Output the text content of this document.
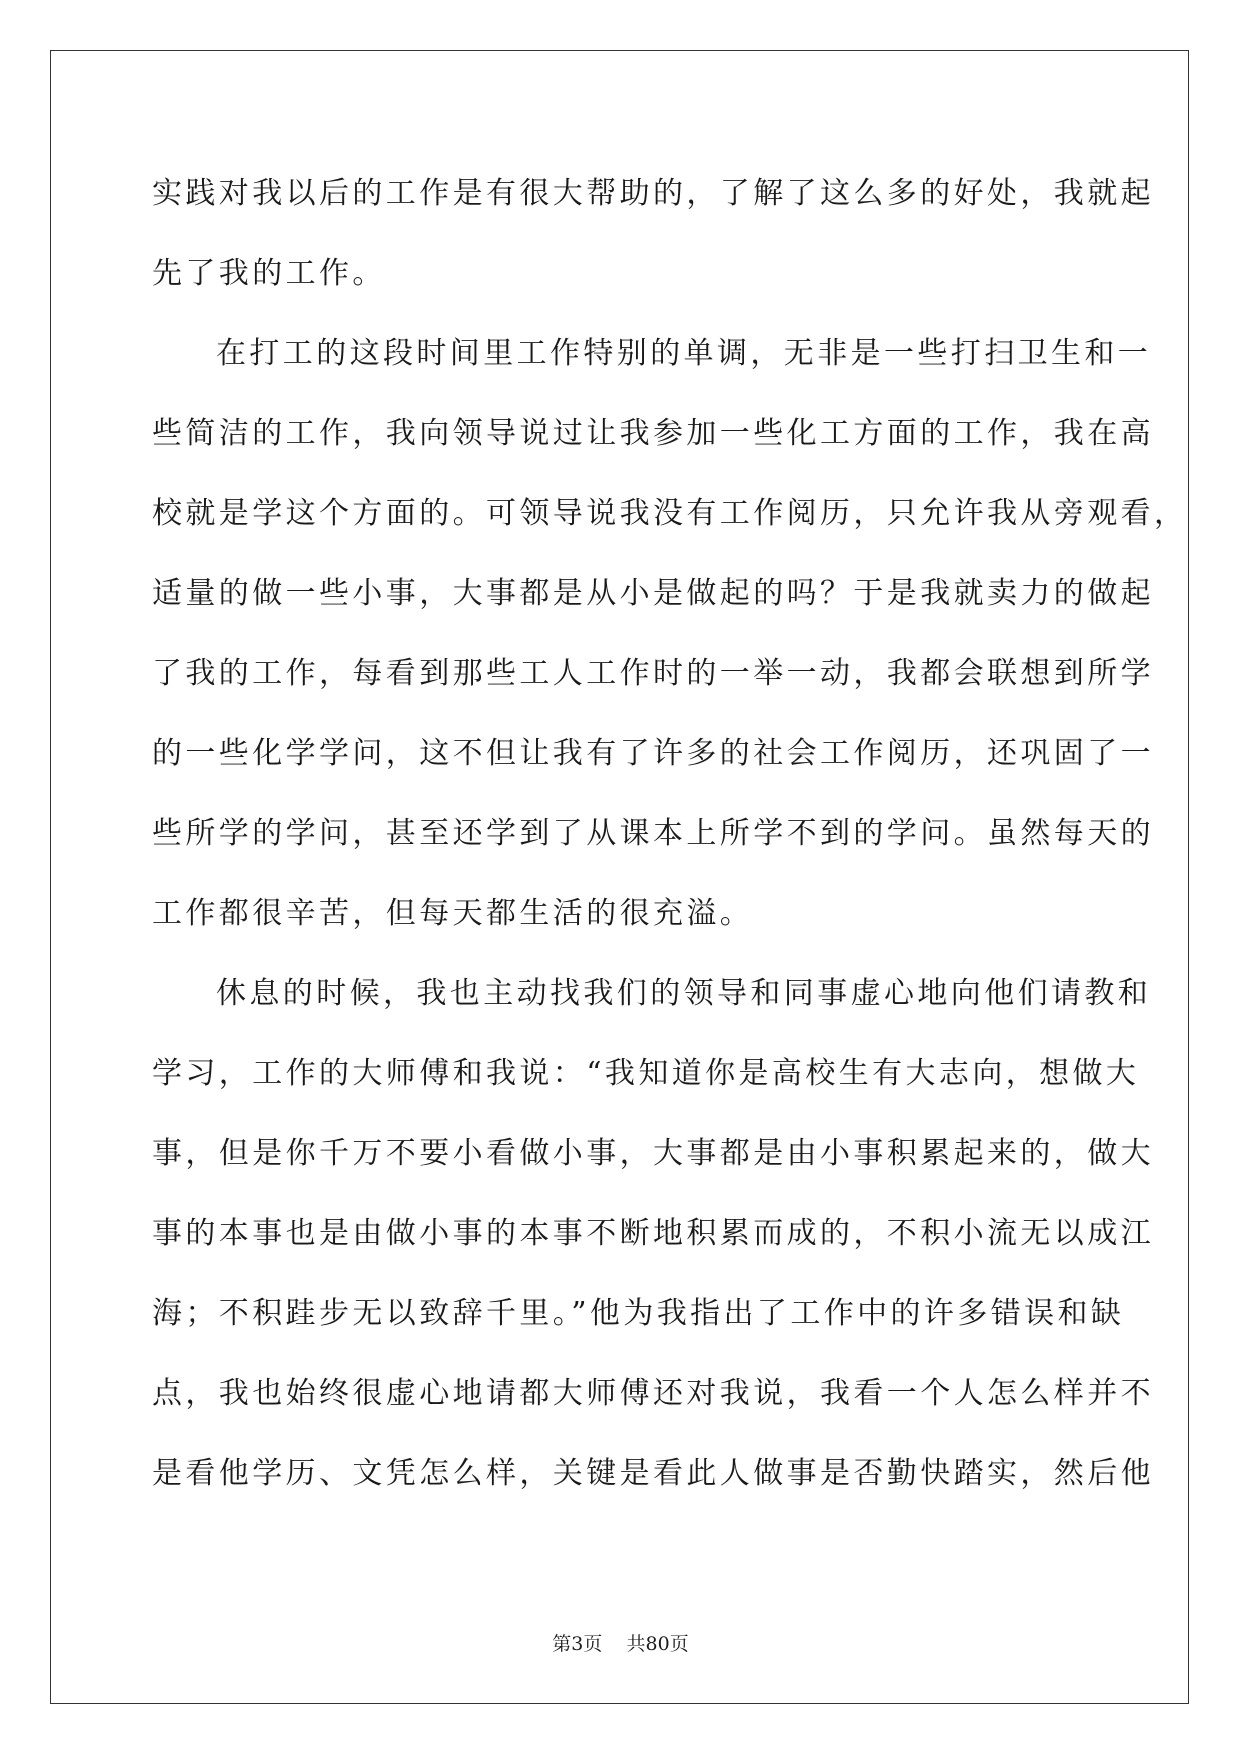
实践对我以后的工作是有很大帮助的，了解了这么多的好处，我就起
先了我的工作。
在打工的这段时间里工作特别的单调，无非是一些打扫卫生和一
些简洁的工作，我向领导说过让我参加一些化工方面的工作，我在高
校就是学这个方面的。可领导说我没有工作阅历，只允许我从旁观看，
适量的做一些小事，大事都是从小是做起的吗？于是我就卖力的做起
了我的工作，每看到那些工人工作时的一举一动，我都会联想到所学
的一些化学学问，这不但让我有了许多的社会工作阅历，还巩固了一
些所学的学问，甚至还学到了从课本上所学不到的学问。虽然每天的
工作都很辛苦，但每天都生活的很充溢。
休息的时候，我也主动找我们的领导和同事虚心地向他们请教和
学习，工作的大师傅和我说：“我知道你是高校生有大志向，想做大
事，但是你千万不要小看做小事，大事都是由小事积累起来的，做大
事的本事也是由做小事的本事不断地积累而成的，不积小流无以成江
海；不积跬步无以致辞千里。”他为我指出了工作中的许多错误和缺
点，我也始终很虚心地请都大师傅还对我说，我看一个人怎么样并不
是看他学历、文凭怎么样，关键是看此人做事是否勤快踏实，然后他
第3页 共80页
